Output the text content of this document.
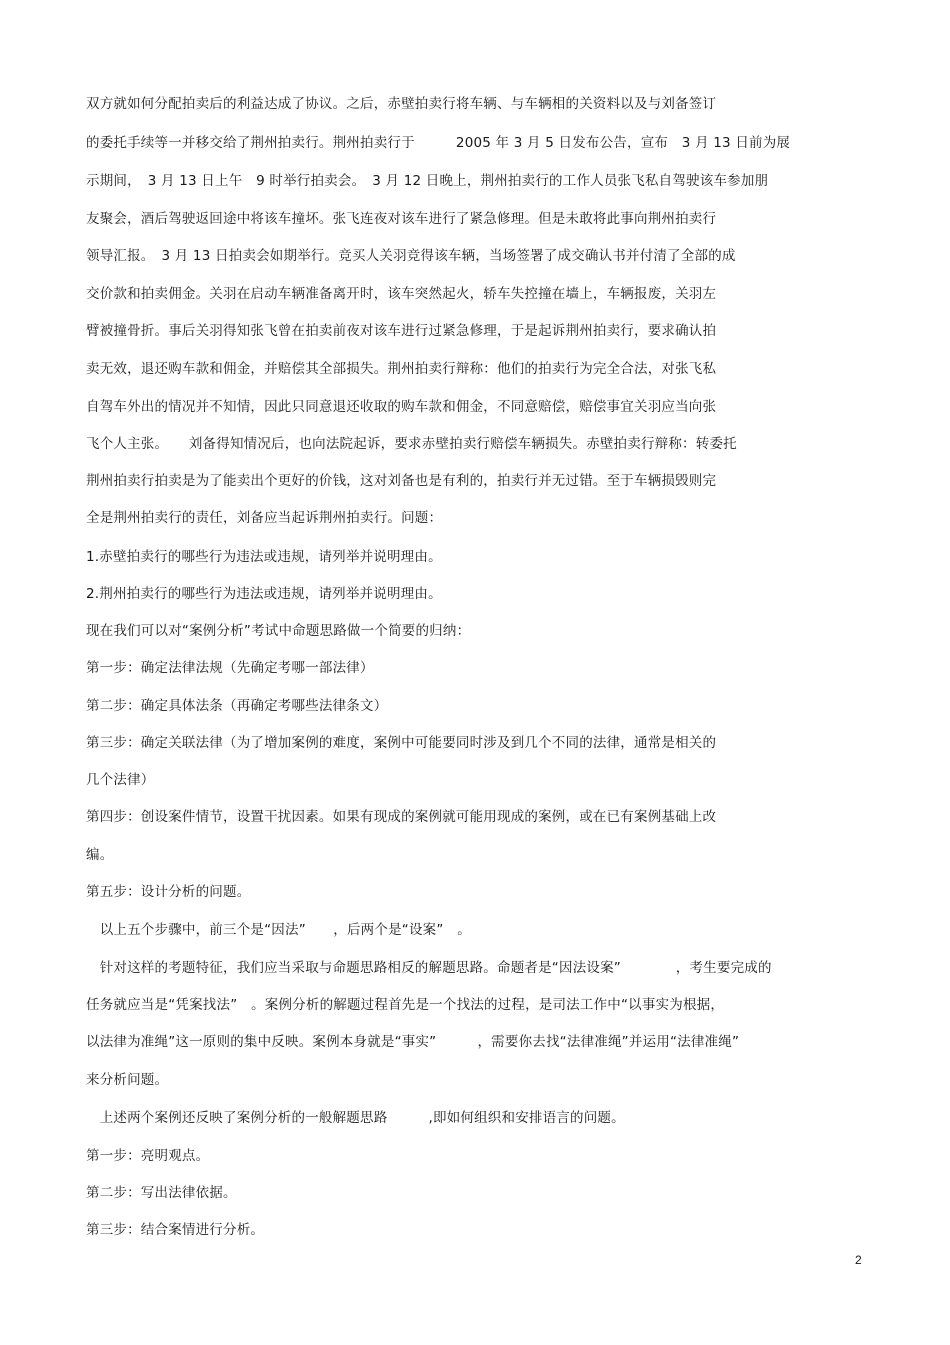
双方就如何分配拍卖后的利益达成了协议。之后，赤壁拍卖行将车辆、与车辆相的关资料以及与刘备签订
的委托手续等一并移交给了荆州拍卖行。荆州拍卖行于　　　2005 年 3 月 5 日发布公告，宣布　3 月 13 日前为展
示期间，　3 月 13 日上午　9 时举行拍卖会。　3 月 12 日晚上，荆州拍卖行的工作人员张飞私自驾驶该车参加朋
友聚会，酒后驾驶返回途中将该车撞坏。张飞连夜对该车进行了紧急修理。但是未敢将此事向荆州拍卖行
领导汇报。　3 月 13 日拍卖会如期举行。竞买人关羽竞得该车辆，当场签署了成交确认书并付清了全部的成
交价款和拍卖佣金。关羽在启动车辆准备离开时，该车突然起火，轿车失控撞在墙上，车辆报废，关羽左
臂被撞骨折。事后关羽得知张飞曾在拍卖前夜对该车进行过紧急修理，于是起诉荆州拍卖行，要求确认拍
卖无效，退还购车款和佣金，并赔偿其全部损失。荆州拍卖行辩称：他们的拍卖行为完全合法，对张飞私
自驾车外出的情况并不知情，因此只同意退还收取的购车款和佣金，不同意赔偿，赔偿事宜关羽应当向张
飞个人主张。　　刘备得知情况后，也向法院起诉，要求赤壁拍卖行赔偿车辆损失。赤壁拍卖行辩称：转委托
荆州拍卖行拍卖是为了能卖出个更好的价钱，这对刘备也是有利的，拍卖行并无过错。至于车辆损毁则完
全是荆州拍卖行的责任，刘备应当起诉荆州拍卖行。问题：
1.赤壁拍卖行的哪些行为违法或违规，请列举并说明理由。
2.荆州拍卖行的哪些行为违法或违规，请列举并说明理由。
现在我们可以对“案例分析”考试中命题思路做一个简要的归纳：
第一步：确定法律法规（先确定考哪一部法律）
第二步：确定具体法条（再确定考哪些法律条文）
第三步：确定关联法律（为了增加案例的难度，案例中可能要同时涉及到几个不同的法律，通常是相关的
几个法律）
第四步：创设案件情节，设置干扰因素。如果有现成的案例就可能用现成的案例，或在已有案例基础上改
编。
第五步：设计分析的问题。
　以上五个步骤中，前三个是“因法”　　，后两个是“设案”　。
　针对这样的考题特征，我们应当采取与命题思路相反的解题思路。命题者是“因法设案”　　　　，考生要完成的
任务就应当是“凭案找法”　。案例分析的解题过程首先是一个找法的过程，是司法工作中“以事实为根据，
以法律为准绳”这一原则的集中反映。案例本身就是“事实”　　　，需要你去找“法律准绳”并运用“法律准绳”
来分析问题。
　上述两个案例还反映了案例分析的一般解题思路　　　,即如何组织和安排语言的问题。
第一步：亮明观点。
第二步：写出法律依据。
第三步：结合案情进行分析。
2
